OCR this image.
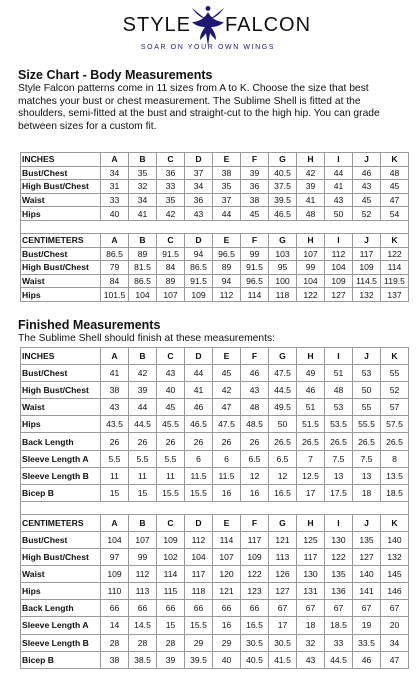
STYLE FALCON
SOAR ON YOUR OWN WINGS
Size Chart - Body Measurements
Style Falcon patterns come in 11 sizes from A to K. Choose the size that best matches your bust or chest measurement. The Sublime Shell is fitted at the shoulders, semi-fitted at the bust and straight-cut to the high hip. You can grade between sizes for a custom fit.
INCHES	A	B	C	D	E	F	G	H	I	J	K
Bust/Chest	34	35	36	37	38	39	40.5	42	44	46	48
High Bust/Chest	31	32	33	34	35	36	37.5	39	41	43	45
Waist	33	34	35	36	37	38	39.5	41	43	45	47
Hips	40	41	42	43	44	45	46.5	48	50	52	54

CENTIMETERS	A	B	C	D	E	F	G	H	I	J	K
Bust/Chest	86.5	89	91.5	94	96.5	99	103	107	112	117	122
High Bust/Chest	79	81.5	84	86.5	89	91.5	95	99	104	109	114
Waist	84	86.5	89	91.5	94	96.5	100	104	109	114.5	119.5
Hips	101.5	104	107	109	112	114	118	122	127	132	137
Finished Measurements
The Sublime Shell should finish at these measurements:
INCHES	A	B	C	D	E	F	G	H	I	J	K
Bust/Chest	41	42	43	44	45	46	47.5	49	51	53	55
High Bust/Chest	38	39	40	41	42	43	44.5	46	48	50	52
Waist	43	44	45	46	47	48	49.5	51	53	55	57
Hips	43.5	44.5	45.5	46.5	47.5	48.5	50	51.5	53.5	55.5	57.5
Back Length	26	26	26	26	26	26	26.5	26.5	26.5	26.5	26.5
Sleeve Length A	5.5	5.5	5.5	6	6	6.5	6.5	7	7.5	7.5	8
Sleeve Length B	11	11	11	11.5	11.5	12	12	12.5	13	13	13.5
Bicep B	15	15	15.5	15.5	16	16	16.5	17	17.5	18	18.5

CENTIMETERS	A	B	C	D	E	F	G	H	I	J	K
Bust/Chest	104	107	109	112	114	117	121	125	130	135	140
High Bust/Chest	97	99	102	104	107	109	113	117	122	127	132
Waist	109	112	114	117	120	122	126	130	135	140	145
Hips	110	113	115	118	121	123	127	131	136	141	146
Back Length	66	66	66	66	66	66	67	67	67	67	67
Sleeve Length A	14	14.5	15	15.5	16	16.5	17	18	18.5	19	20
Sleeve Length B	28	28	28	29	29	30.5	30.5	32	33	33.5	34
Bicep B	38	38.5	39	39.5	40	40.5	41.5	43	44.5	46	47
